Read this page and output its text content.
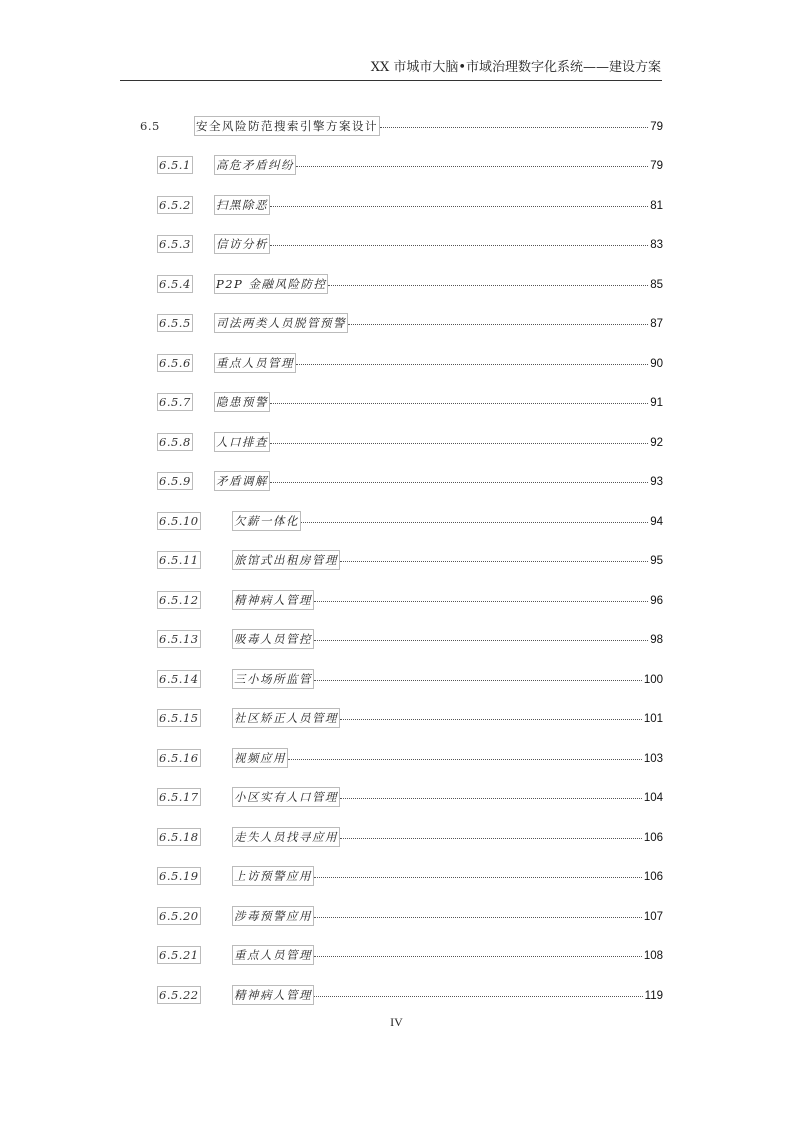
XX 市城市大脑•市域治理数字化系统——建设方案
6.5	安全风险防范搜索引擎方案设计	79
6.5.1 高危矛盾纠纷	79
6.5.2 扫黑除恶	81
6.5.3 信访分析	83
6.5.4 P2P 金融风险防控	85
6.5.5 司法两类人员脱管预警	87
6.5.6 重点人员管理	90
6.5.7 隐患预警	91
6.5.8 人口排查	92
6.5.9 矛盾调解	93
6.5.10	欠薪一体化	94
6.5.11	旅馆式出租房管理	95
6.5.12	精神病人管理	96
6.5.13	吸毒人员管控	98
6.5.14	三小场所监管	100
6.5.15	社区矫正人员管理	101
6.5.16	视频应用	103
6.5.17	小区实有人口管理	104
6.5.18	走失人员找寻应用	106
6.5.19	上访预警应用	106
6.5.20	涉毒预警应用	107
6.5.21	重点人员管理	108
6.5.22	精神病人管理	119
IV
